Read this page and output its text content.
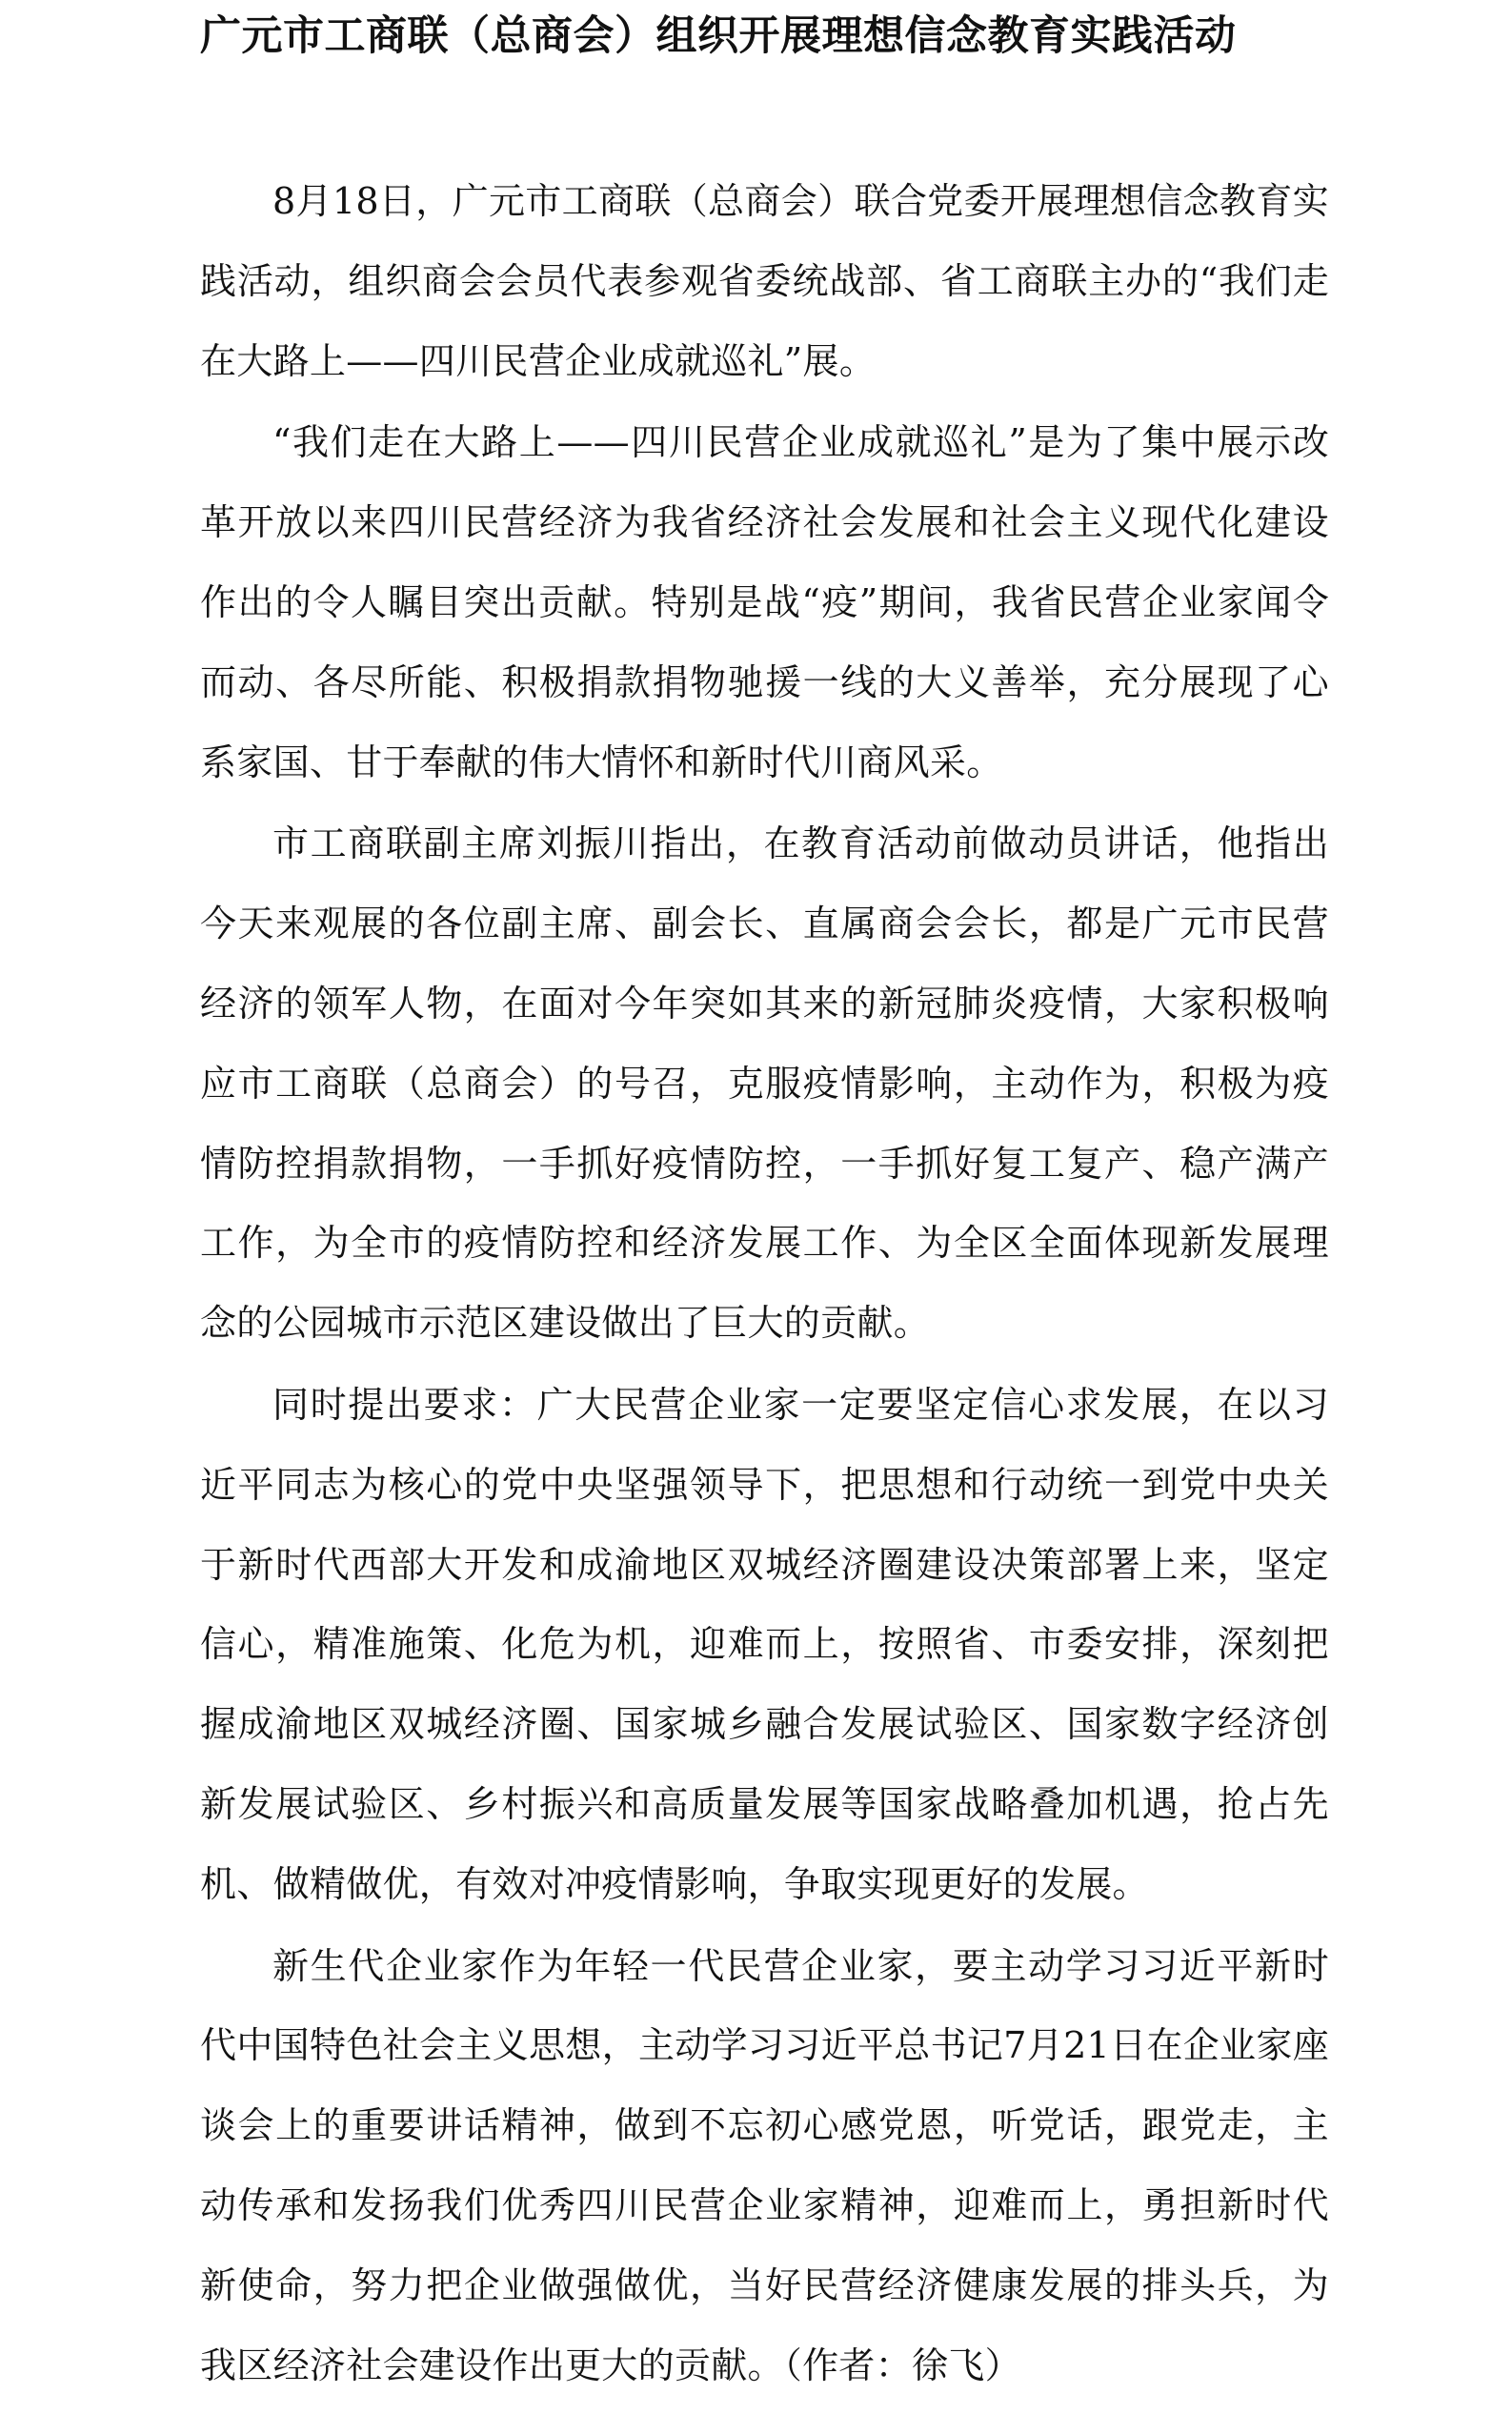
广元市工商联（总商会）组织开展理想信念教育实践活动

8月18日，广元市工商联（总商会）联合党委开展理想信念教育实践活动，组织商会会员代表参观省委统战部、省工商联主办的“我们走在大路上——四川民营企业成就巡礼”展。

“我们走在大路上——四川民营企业成就巡礼”是为了集中展示改革开放以来四川民营经济为我省经济社会发展和社会主义现代化建设作出的令人瞩目突出贡献。特别是战“疫”期间，我省民营企业家闻令而动、各尽所能、积极捐款捐物驰援一线的大义善举，充分展现了心系家国、甘于奉献的伟大情怀和新时代川商风采。

市工商联副主席刘振川指出，在教育活动前做动员讲话，他指出今天来观展的各位副主席、副会长、直属商会会长，都是广元市民营经济的领军人物，在面对今年突如其来的新冠肺炎疫情，大家积极响应市工商联（总商会）的号召，克服疫情影响，主动作为，积极为疫情防控捐款捐物，一手抓好疫情防控，一手抓好复工复产、稳产满产工作，为全市的疫情防控和经济发展工作、为全区全面体现新发展理念的公园城市示范区建设做出了巨大的贡献。

同时提出要求：广大民营企业家一定要坚定信心求发展，在以习近平同志为核心的党中央坚强领导下，把思想和行动统一到党中央关于新时代西部大开发和成渝地区双城经济圈建设决策部署上来，坚定信心，精准施策、化危为机，迎难而上，按照省、市委安排，深刻把握成渝地区双城经济圈、国家城乡融合发展试验区、国家数字经济创新发展试验区、乡村振兴和高质量发展等国家战略叠加机遇，抢占先机、做精做优，有效对冲疫情影响，争取实现更好的发展。

新生代企业家作为年轻一代民营企业家，要主动学习习近平新时代中国特色社会主义思想，主动学习习近平总书记7月21日在企业家座谈会上的重要讲话精神，做到不忘初心感党恩，听党话，跟党走，主动传承和发扬我们优秀四川民营企业家精神，迎难而上，勇担新时代新使命，努力把企业做强做优，当好民营经济健康发展的排头兵，为我区经济社会建设作出更大的贡献。（作者：徐飞）
